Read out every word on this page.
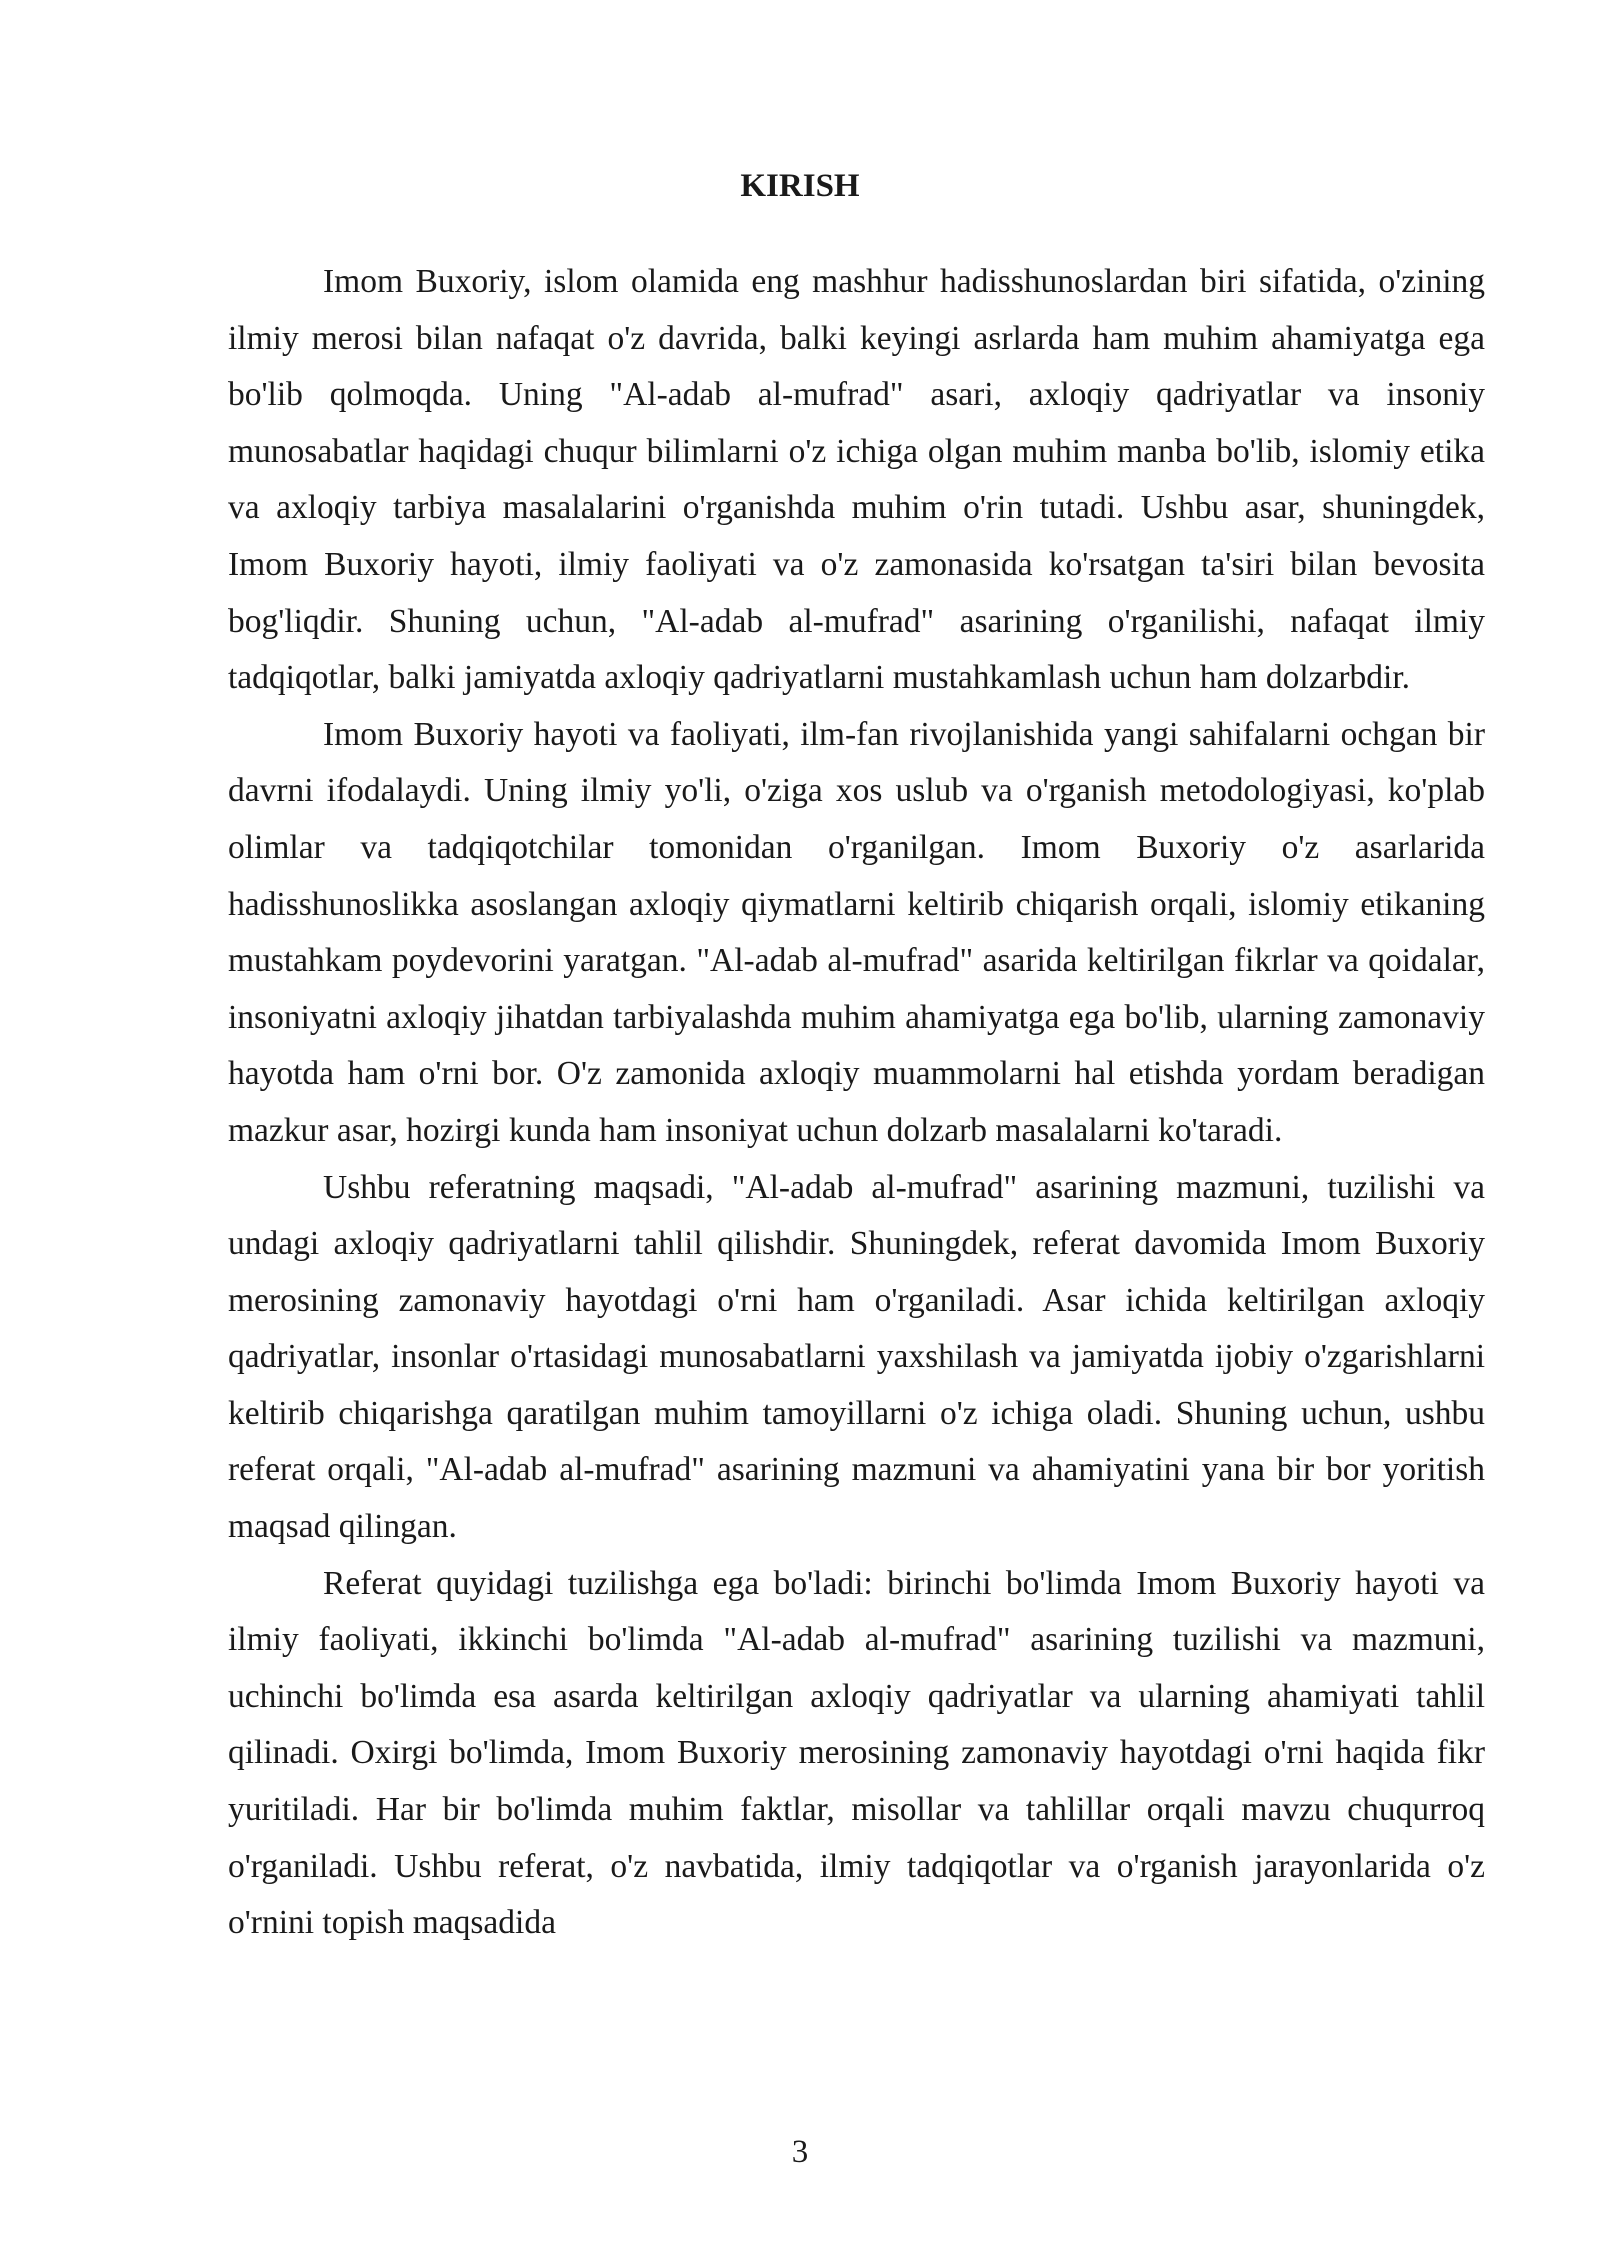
KIRISH

Imom Buxoriy, islom olamida eng mashhur hadisshunoslardan biri sifatida, o'zining ilmiy merosi bilan nafaqat o'z davrida, balki keyingi asrlarda ham muhim ahamiyatga ega bo'lib qolmoqda. Uning "Al-adab al-mufrad" asari, axloqiy qadriyatlar va insoniy munosabatlar haqidagi chuqur bilimlarni o'z ichiga olgan muhim manba bo'lib, islomiy etika va axloqiy tarbiya masalalarini o'rganishda muhim o'rin tutadi. Ushbu asar, shuningdek, Imom Buxoriy hayoti, ilmiy faoliyati va o'z zamonasida ko'rsatgan ta'siri bilan bevosita bog'liqdir. Shuning uchun, "Al-adab al-mufrad" asarining o'rganilishi, nafaqat ilmiy tadqiqotlar, balki jamiyatda axloqiy qadriyatlarni mustahkamlash uchun ham dolzarbdir.

Imom Buxoriy hayoti va faoliyati, ilm-fan rivojlanishida yangi sahifalarni ochgan bir davrni ifodalaydi. Uning ilmiy yo'li, o'ziga xos uslub va o'rganish metodologiyasi, ko'plab olimlar va tadqiqotchilar tomonidan o'rganilgan. Imom Buxoriy o'z asarlarida hadisshunoslikka asoslangan axloqiy qiymatlarni keltirib chiqarish orqali, islomiy etikaning mustahkam poydevorini yaratgan. "Al-adab al-mufrad" asarida keltirilgan fikrlar va qoidalar, insoniyatni axloqiy jihatdan tarbiyalashda muhim ahamiyatga ega bo'lib, ularning zamonaviy hayotda ham o'rni bor. O'z zamonida axloqiy muammolarni hal etishda yordam beradigan mazkur asar, hozirgi kunda ham insoniyat uchun dolzarb masalalarni ko'taradi.

Ushbu referatning maqsadi, "Al-adab al-mufrad" asarining mazmuni, tuzilishi va undagi axloqiy qadriyatlarni tahlil qilishdir. Shuningdek, referat davomida Imom Buxoriy merosining zamonaviy hayotdagi o'rni ham o'rganiladi. Asar ichida keltirilgan axloqiy qadriyatlar, insonlar o'rtasidagi munosabatlarni yaxshilash va jamiyatda ijobiy o'zgarishlarni keltirib chiqarishga qaratilgan muhim tamoyillarni o'z ichiga oladi. Shuning uchun, ushbu referat orqali, "Al-adab al-mufrad" asarining mazmuni va ahamiyatini yana bir bor yoritish maqsad qilingan.

Referat quyidagi tuzilishga ega bo'ladi: birinchi bo'limda Imom Buxoriy hayoti va ilmiy faoliyati, ikkinchi bo'limda "Al-adab al-mufrad" asarining tuzilishi va mazmuni, uchinchi bo'limda esa asarda keltirilgan axloqiy qadriyatlar va ularning ahamiyati tahlil qilinadi. Oxirgi bo'limda, Imom Buxoriy merosining zamonaviy hayotdagi o'rni haqida fikr yuritiladi. Har bir bo'limda muhim faktlar, misollar va tahlillar orqali mavzu chuqurroq o'rganiladi. Ushbu referat, o'z navbatida, ilmiy tadqiqotlar va o'rganish jarayonlarida o'z o'rnini topish maqsadida

3
